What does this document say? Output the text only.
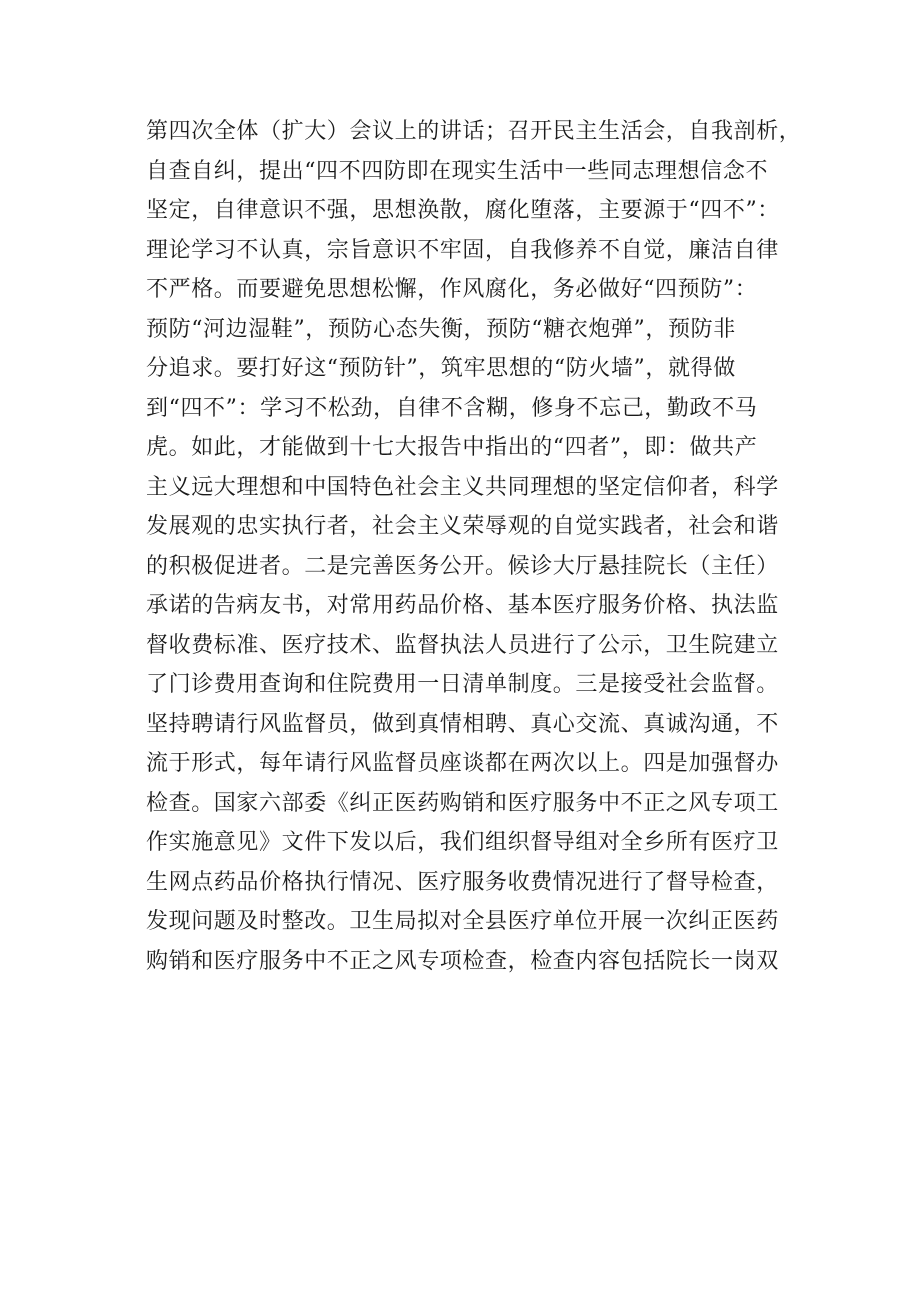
第四次全体（扩大）会议上的讲话；召开民主生活会，自我剖析，
自查自纠，提出“四不四防即在现实生活中一些同志理想信念不
坚定，自律意识不强，思想涣散，腐化堕落，主要源于“四不”：
理论学习不认真，宗旨意识不牢固，自我修养不自觉，廉洁自律
不严格。而要避免思想松懈，作风腐化，务必做好“四预防”：
预防“河边湿鞋”，预防心态失衡，预防“糖衣炮弹”，预防非
分追求。要打好这“预防针”，筑牢思想的“防火墙”，就得做
到“四不”：学习不松劲，自律不含糊，修身不忘己，勤政不马
虎。如此，才能做到十七大报告中指出的“四者”，即：做共产
主义远大理想和中国特色社会主义共同理想的坚定信仰者，科学
发展观的忠实执行者，社会主义荣辱观的自觉实践者，社会和谐
的积极促进者。二是完善医务公开。候诊大厅悬挂院长（主任）
承诺的告病友书，对常用药品价格、基本医疗服务价格、执法监
督收费标准、医疗技术、监督执法人员进行了公示，卫生院建立
了门诊费用查询和住院费用一日清单制度。三是接受社会监督。
坚持聘请行风监督员，做到真情相聘、真心交流、真诚沟通，不
流于形式，每年请行风监督员座谈都在两次以上。四是加强督办
检查。国家六部委《纠正医药购销和医疗服务中不正之风专项工
作实施意见》文件下发以后，我们组织督导组对全乡所有医疗卫
生网点药品价格执行情况、医疗服务收费情况进行了督导检查，
发现问题及时整改。卫生局拟对全县医疗单位开展一次纠正医药
购销和医疗服务中不正之风专项检查，检查内容包括院长一岗双
